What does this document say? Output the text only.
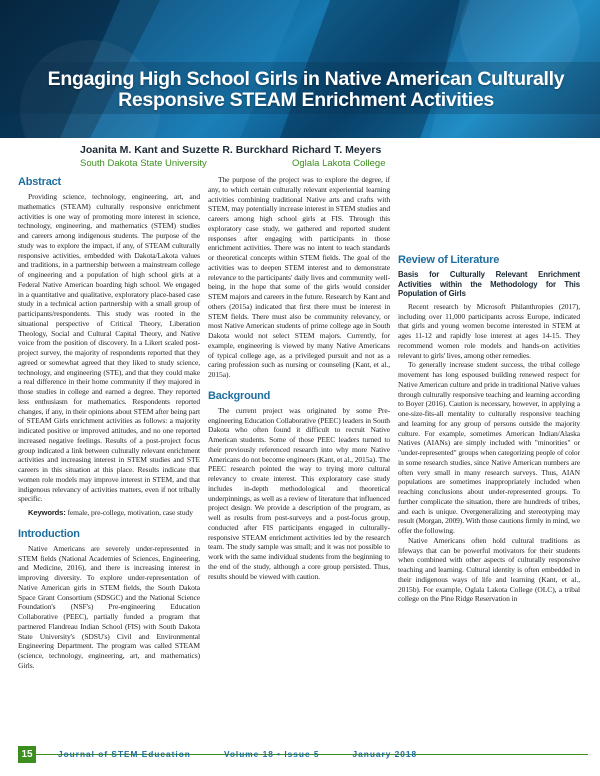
Engaging High School Girls in Native American Culturally
Responsive STEAM Enrichment Activities
Joanita M. Kant and Suzette R. Burckhard
South Dakota State University
Richard T. Meyers
Oglala Lakota College
Abstract

Providing science, technology, engineering, art, and mathematics (STEAM) culturally responsive enrichment activities is one way of promoting more interest in science, technology, engineering, and mathematics (STEM) studies and careers among indigenous students. The purpose of the study was to explore the impact, if any, of STEAM culturally responsive activities, embedded with Dakota/Lakota values and traditions, in a partnership between a mainstream college of engineering and a population of high school girls at a Federal Native American boarding high school. We engaged in a quantitative and qualitative, exploratory place-based case study in a technical action partnership with a small group of participants/respondents. This study was rooted in the situational perspective of Critical Theory, Liberation Theology, Social and Cultural Capital Theory, and Native voice from the position of discovery. In a Likert scaled post-project survey, the majority of respondents reported that they agreed or somewhat agreed that they liked to study science, technology, and engineering (STE), and that they could make a real difference in their home community if they majored in those studies in college and earned a degree. They reported less enthusiasm for mathematics. Respondents reported changes, if any, in their opinions about STEM after being part of STEAM Girls enrichment activities as follows: a majority indicated positive or improved attitudes, and no one reported increased negative feelings. Results of a post-project focus group indicated a link between culturally relevant enrichment activities and increasing interest in STEM studies and STE careers in this situation at this place. Results indicate that women role models may improve interest in STEM, and that indigenous relevancy of activities matters, even if not tribally specific.

Keywords: female, pre-college, motivation, case study

Introduction

Native Americans are severely under-represented in STEM fields (National Academies of Sciences, Engineering, and Medicine, 2016), and there is increasing interest in improving diversity. To explore under-representation of Native American girls in STEM fields, the South Dakota Space Grant Consortium (SDSGC) and the National Science Foundation's (NSF's) Pre-engineering Education Collaborative (PEEC), partially funded a program that partnered Flandreau Indian School (FIS) with South Dakota State University's (SDSU's) Civil and Environmental Engineering Department. The program was called STEAM (science, technology, engineering, art, and mathematics) Girls.

The purpose of the project was to explore the degree, if any, to which certain culturally relevant experiential learning activities combining traditional Native arts and crafts with STEM, may potentially increase interest in STEM studies and careers among high school girls at FIS. Through this exploratory case study, we gathered and reported student responses after engaging with participants in those enrichment activities. There was no intent to teach standards or theoretical concepts within STEM fields. The goal of the activities was to deepen STEM interest and to demonstrate relevance to the participants' daily lives and community well-being, in the hope that some of the girls would consider STEM majors and careers in the future. Research by Kant and others (2015a) indicated that first there must be interest in STEM fields. There must also be community relevancy, or most Native American students of prime college age in South Dakota would not select STEM majors. Currently, for example, engineering is viewed by many Native Americans of typical college age, as a privileged pursuit and not as a caring profession such as nursing or counseling (Kant, et al., 2015a).

Background

The current project was originated by some Pre-engineering Education Collaborative (PEEC) leaders in South Dakota who often found it difficult to recruit Native American students. Some of those PEEC leaders turned to their previously referenced research into why more Native Americans do not become engineers (Kant, et al., 2015a). The PEEC research pointed the way to trying more cultural relevancy to create interest. This exploratory case study includes in-depth methodological and theoretical underpinnings, as well as a review of literature that influenced project design. We provide a description of the program, as well as results from post-surveys and a post-focus group, conducted after FIS participants engaged in culturally-responsive STEAM enrichment activities led by the research team. The study sample was small; and it was not possible to work with the same individual students from the beginning to the end of the study, although a core group persisted. Thus, results should be viewed with caution.

Review of Literature
Basis for Culturally Relevant Enrichment Activities within the Methodology for This Population of Girls

Recent research by Microsoft Philanthropies (2017), including over 11,000 participants across Europe, indicated that girls and young women become interested in STEM at ages 11-12 and rapidly lose interest at ages 14-15. They recommend women role models and hands-on activities relevant to girls' lives, among other remedies.

To generally increase student success, the tribal college movement has long espoused building renewed respect for Native American culture and pride in traditional Native values through culturally responsive teaching and learning according to Boyer (2016). Caution is necessary, however, in applying a one-size-fits-all mentality to culturally responsive teaching and learning for any group of persons outside the majority culture. For example, sometimes American Indian/Alaska Natives (AIANs) are simply included with "minorities" or "under-represented" groups when categorizing people of color in some research studies, since Native American numbers are often very small in many research surveys. Thus, AIAN populations are sometimes inappropriately included when reaching conclusions about under-represented groups. To further complicate the situation, there are hundreds of tribes, and each is unique. Overgeneralizing and stereotyping may result (Morgan, 2009). With those cautions firmly in mind, we offer the following.

Native Americans often hold cultural traditions as lifeways that can be powerful motivators for their students when combined with other aspects of culturally responsive teaching and learning. Cultural identity is often embedded in their indigenous ways of life and learning (Kant, et al., 2015b). For example, Oglala Lakota College (OLC), a tribal college on the Pine Ridge Reservation in

15	Journal of STEM Education	Volume 18 • Issue 5	January 2018
